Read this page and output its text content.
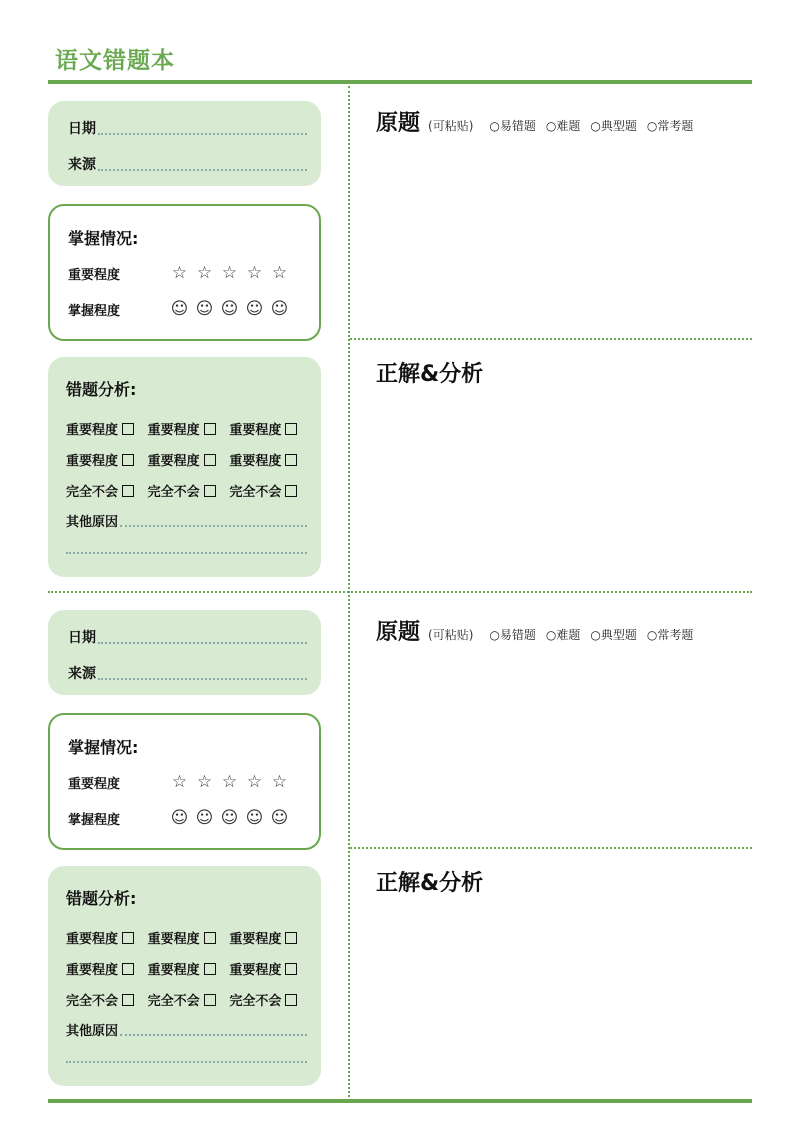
语文错题本
日期
来源
掌握情况:
重要程度	☆ ☆ ☆ ☆ ☆
掌握程度	☺ ☺ ☺ ☺ ☺
错题分析:
重要程度 重要程度 重要程度
重要程度 重要程度 重要程度
完全不会 完全不会 完全不会
其他原因
原题 (可粘贴)	○ 易错题	○ 难题	○ 典型题	○ 常考题
正解&分析
日期
来源
掌握情况:
重要程度	☆ ☆ ☆ ☆ ☆
掌握程度	☺ ☺ ☺ ☺ ☺
错题分析:
重要程度 重要程度 重要程度
重要程度 重要程度 重要程度
完全不会 完全不会 完全不会
其他原因
原题 (可粘贴)	○ 易错题	○ 难题	○ 典型题	○ 常考题
正解&分析
